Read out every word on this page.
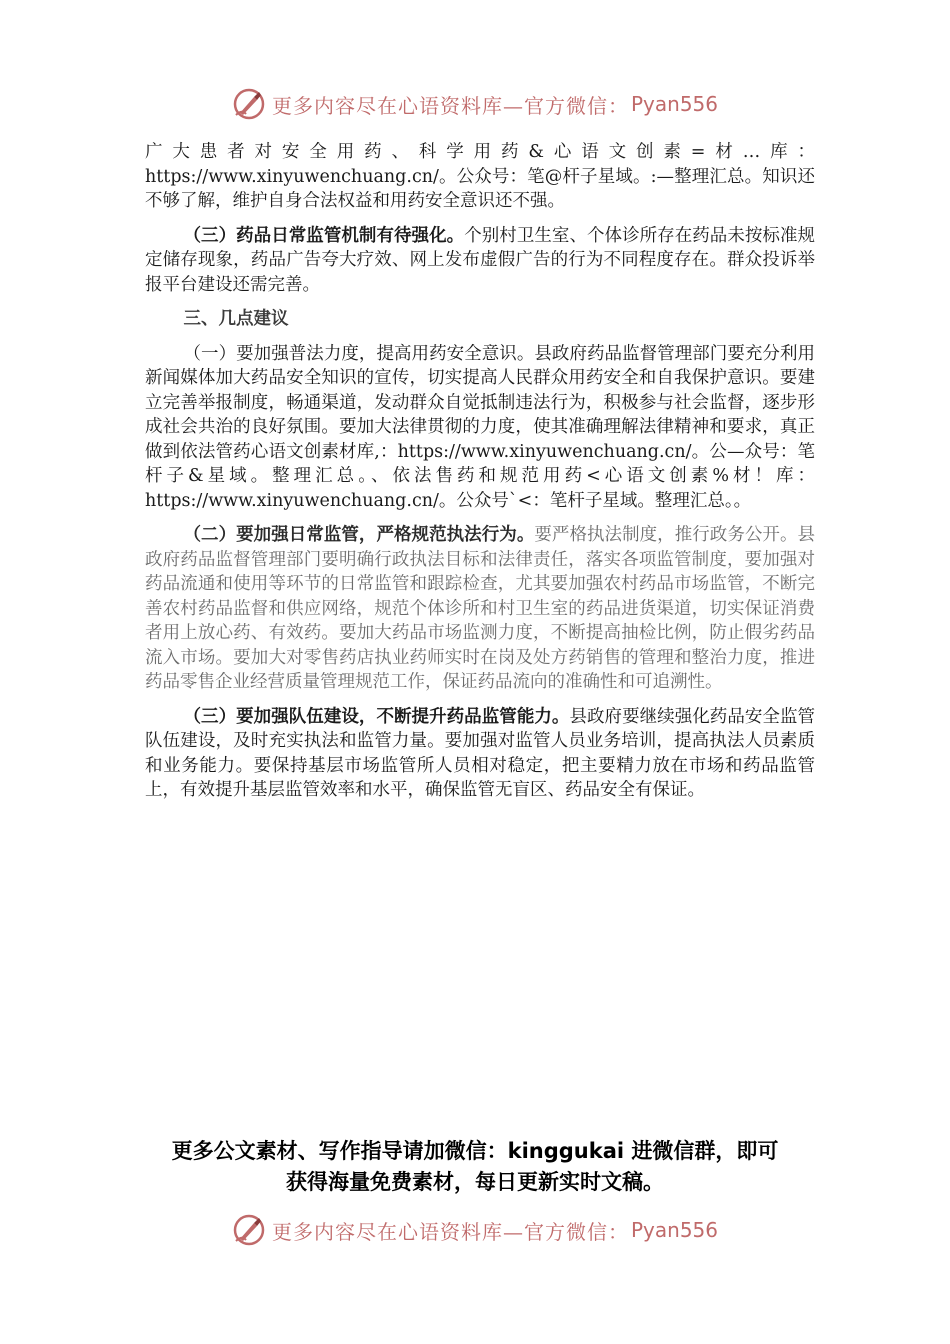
更多内容尽在心语资料库—官方微信： Pyan556

广大患者对安全用药、科学用药&心语文创素=材…库：https://www.xinyuwenchuang.cn/。公众号：笔@杆子星域。:—整理汇总。知识还不够了解，维护自身合法权益和用药安全意识还不强。

（三）药品日常监管机制有待强化。个别村卫生室、个体诊所存在药品未按标准规定储存现象，药品广告夸大疗效、网上发布虚假广告的行为不同程度存在。群众投诉举报平台建设还需完善。

三、几点建议

（一）要加强普法力度，提高用药安全意识。县政府药品监督管理部门要充分利用新闻媒体加大药品安全知识的宣传，切实提高人民群众用药安全和自我保护意识。要建立完善举报制度，畅通渠道，发动群众自觉抵制违法行为，积极参与社会监督，逐步形成社会共治的良好氛围。要加大法律贯彻的力度，使其准确理解法律精神和要求，真正做到依法管药心语文创素材库,：https://www.xinyuwenchuang.cn/。公—众号：笔杆子&星域。整理汇总。、依法售药和规范用药<心语文创素%材！库：https://www.xinyuwenchuang.cn/。公众号`<：笔杆子星域。整理汇总。。

（二）要加强日常监管，严格规范执法行为。要严格执法制度，推行政务公开。县政府药品监督管理部门要明确行政执法目标和法律责任，落实各项监管制度，要加强对药品流通和使用等环节的日常监管和跟踪检查，尤其要加强农村药品市场监管，不断完善农村药品监督和供应网络，规范个体诊所和村卫生室的药品进货渠道，切实保证消费者用上放心药、有效药。要加大药品市场监测力度，不断提高抽检比例，防止假劣药品流入市场。要加大对零售药店执业药师实时在岗及处方药销售的管理和整治力度，推进药品零售企业经营质量管理规范工作，保证药品流向的准确性和可追溯性。

（三）要加强队伍建设，不断提升药品监管能力。县政府要继续强化药品安全监管队伍建设，及时充实执法和监管力量。要加强对监管人员业务培训，提高执法人员素质和业务能力。要保持基层市场监管所人员相对稳定，把主要精力放在市场和药品监管上，有效提升基层监管效率和水平，确保监管无盲区、药品安全有保证。

更多公文素材、写作指导请加微信：kinggukai 进微信群，即可
获得海量免费素材，每日更新实时文稿。
更多内容尽在心语资料库—官方微信： Pyan556
